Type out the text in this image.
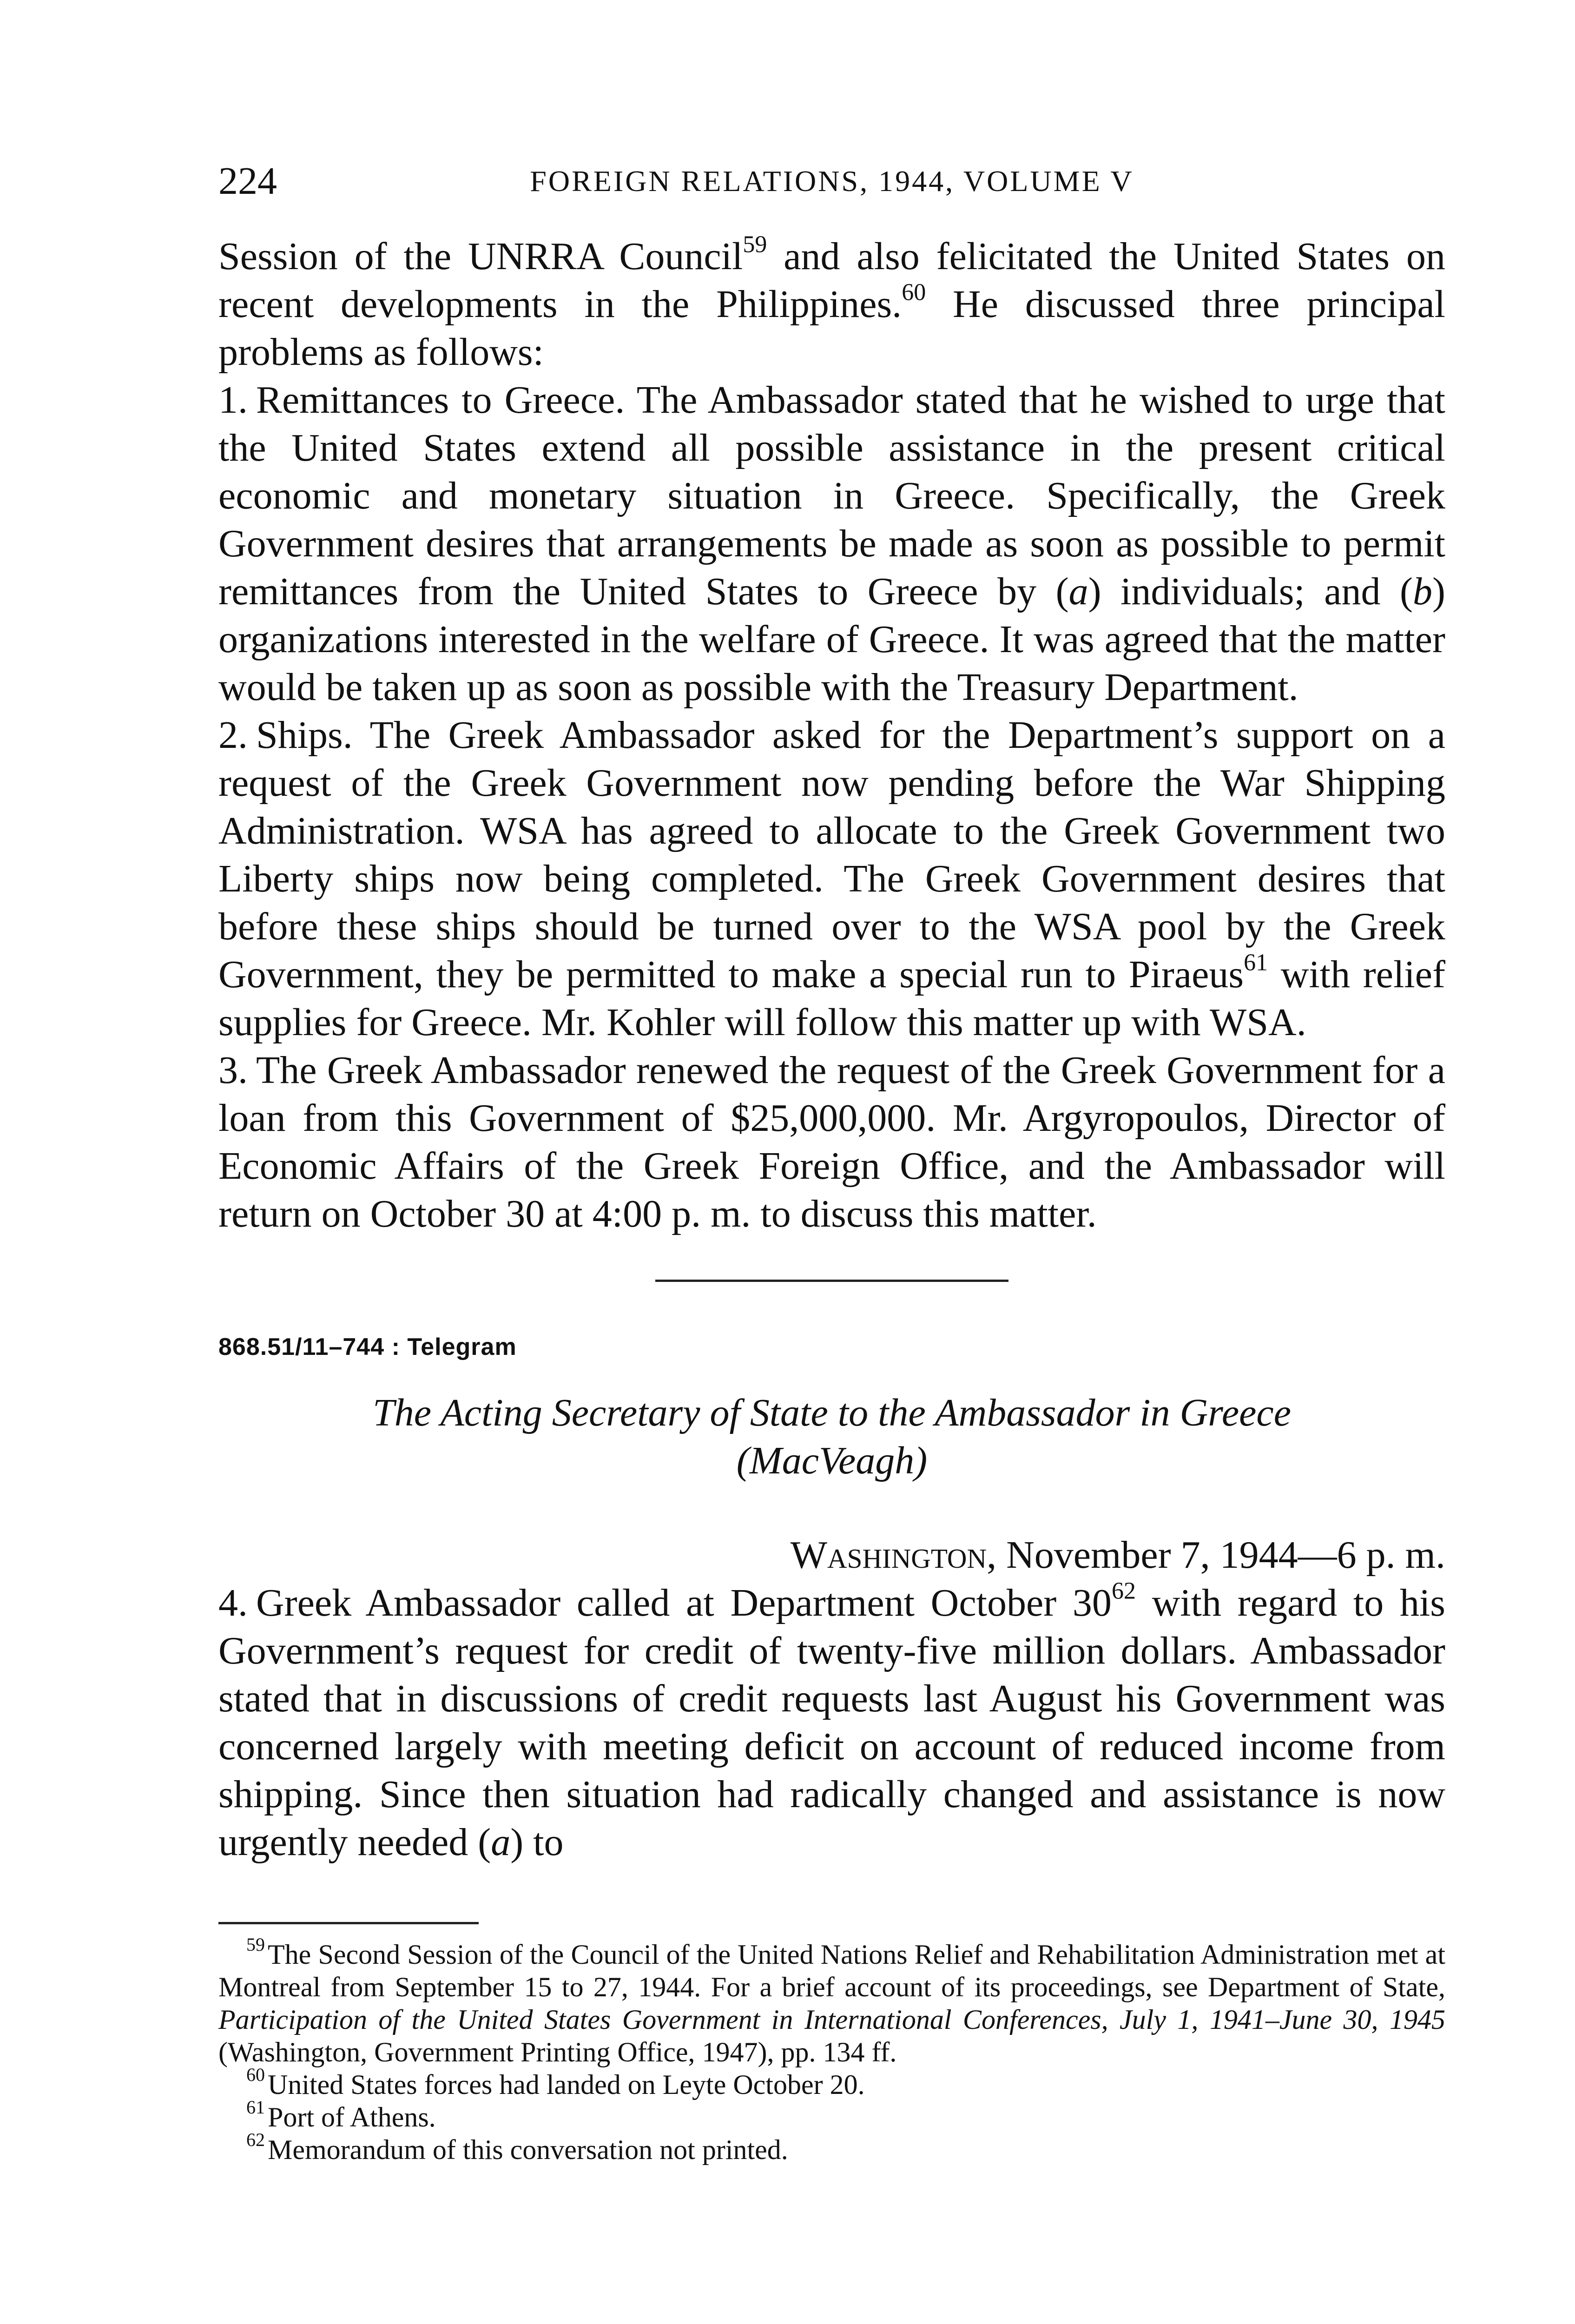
224	FOREIGN RELATIONS, 1944, VOLUME V

Session of the UNRRA Council$^{59}$ and also felicitated the United States on recent developments in the Philippines.$^{60}$ He discussed three principal problems as follows:

1. Remittances to Greece. The Ambassador stated that he wished to urge that the United States extend all possible assistance in the present critical economic and monetary situation in Greece. Specifically, the Greek Government desires that arrangements be made as soon as possible to permit remittances from the United States to Greece by (a) individuals; and (b) organizations interested in the welfare of Greece. It was agreed that the matter would be taken up as soon as possible with the Treasury Department.

2. Ships. The Greek Ambassador asked for the Department’s support on a request of the Greek Government now pending before the War Shipping Administration. WSA has agreed to allocate to the Greek Government two Liberty ships now being completed. The Greek Government desires that before these ships should be turned over to the WSA pool by the Greek Government, they be permitted to make a special run to Piraeus$^{61}$ with relief supplies for Greece. Mr. Kohler will follow this matter up with WSA.

3. The Greek Ambassador renewed the request of the Greek Government for a loan from this Government of $25,000,000. Mr. Argyropoulos, Director of Economic Affairs of the Greek Foreign Office, and the Ambassador will return on October 30 at 4:00 p. m. to discuss this matter.

868.51/11–744 : Telegram
The Acting Secretary of State to the Ambassador in Greece
(MacVeagh)
Washington, November 7, 1944—6 p. m.

4. Greek Ambassador called at Department October $30^{62}$ with regard to his Government’s request for credit of twenty-five million dollars. Ambassador stated that in discussions of credit requests last August his Government was concerned largely with meeting deficit on account of reduced income from shipping. Since then situation had radically changed and assistance is now urgently needed (a) to

$^{59}$ The Second Session of the Council of the United Nations Relief and Rehabilitation Administration met at Montreal from September 15 to 27, 1944. For a brief account of its proceedings, see Department of State, Participation of the United States Government in International Conferences, July 1, 1941–June 30, 1945 (Washington, Government Printing Office, 1947), pp. 134 ff.

$^{60}$ United States forces had landed on Leyte October 20.

$^{61}$ Port of Athens.

$^{62}$ Memorandum of this conversation not printed.
